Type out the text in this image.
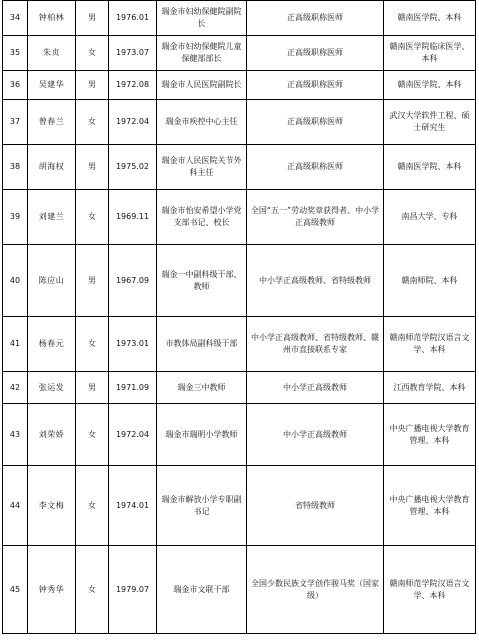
34	钟柏林	男	1976.01	瑞金市妇幼保健院副院长	正高级职称医师	赣南医学院、本科
35	朱贞	女	1973.07	瑞金市妇幼保健院儿童保健部部长	正高级职称医师	赣南医学院临床医学、本科
36	吴建华	男	1972.08	瑞金市人民医院副院长	正高级职称医师	赣南医学院、本科
37	曾春兰	女	1972.04	瑞金市疾控中心主任	正高级职称医师	武汉大学软件工程、硕士研究生
38	胡海权	男	1975.02	瑞金市人民医院关节外科主任	正高级职称医师	赣南医学院、本科
39	刘建兰	女	1969.11	瑞金市怡安希望小学党支部书记、校长	全国“五一”劳动奖章获得者、中小学正高级教师	南昌大学、专科
40	陈应山	男	1967.09	瑞金一中副科级干部、教师	中小学正高级教师、省特级教师	赣南师院、本科
41	杨春元	女	1973.01	市教体局副科级干部	中小学正高级教师、省特级教师、赣州市直接联系专家	赣南师范学院汉语言文学、本科
42	张运发	男	1971.09	瑞金三中教师	中小学正高级教师	江西教育学院、本科
43	刘荣娇	女	1972.04	瑞金市瑞明小学教师	中小学正高级教师	中央广播电视大学教育管理、本科
44	李文梅	女	1974.01	瑞金市解放小学专职副书记	省特级教师	中央广播电视大学教育管理、本科
45	钟秀华	女	1979.07	瑞金市文联干部	全国少数民族文学创作骏马奖（国家级）	赣南师范学院汉语言文学、本科
